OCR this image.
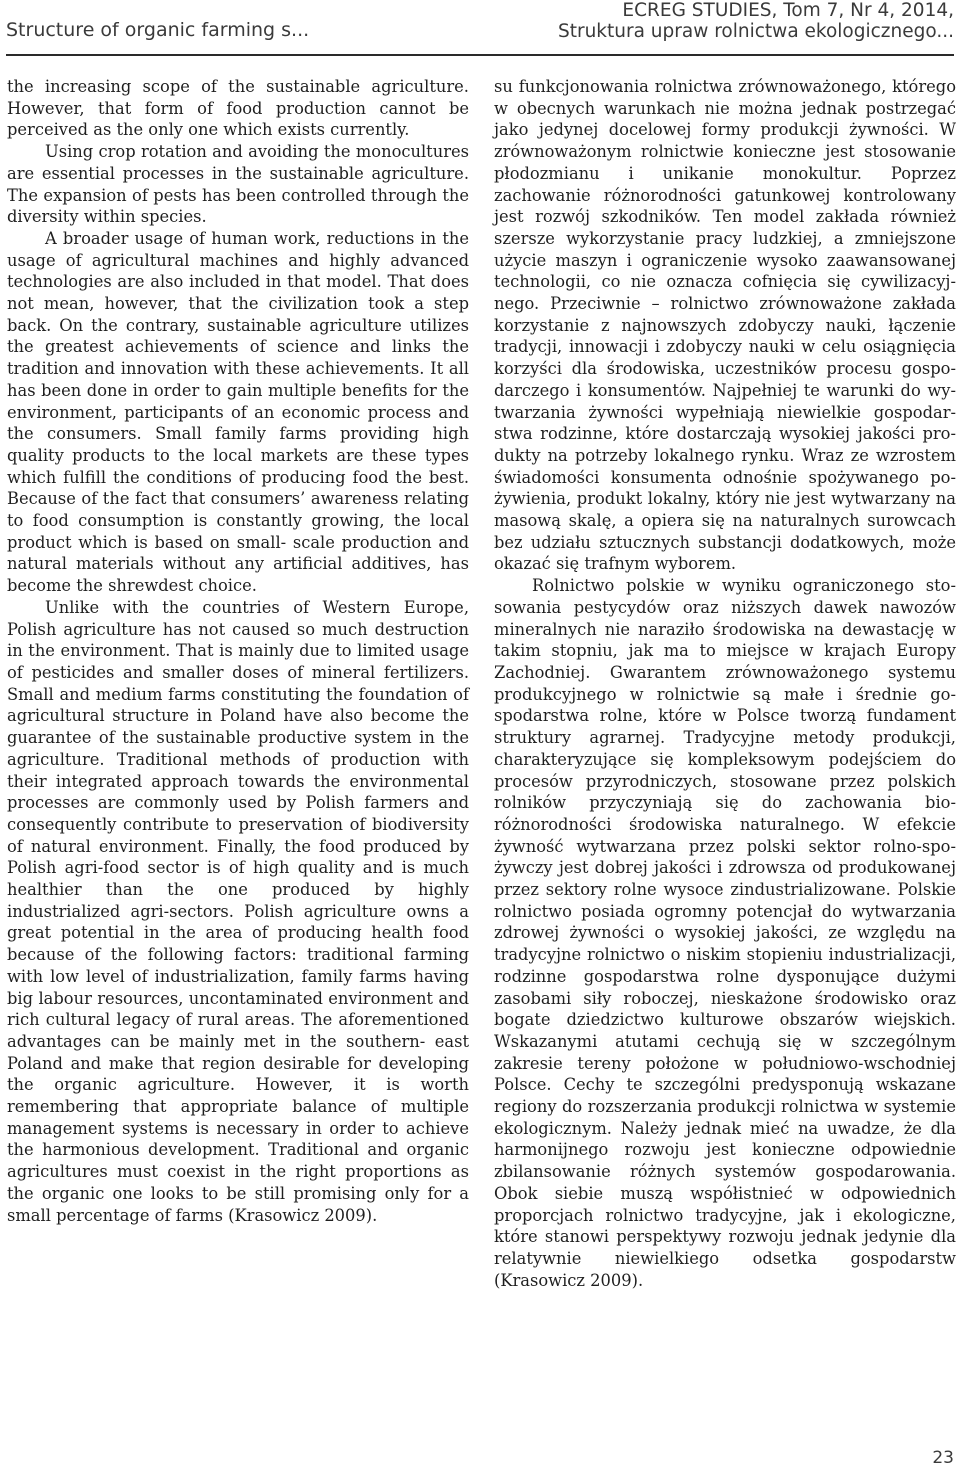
Structure of organic farming s...
ECREG STUDIES, Tom 7, Nr 4, 2014,
Struktura upraw rolnictwa ekologicznego...

the increasing scope of the sustainable agriculture. However, that form of food production cannot be perceived as the only one which exists currently.

Using crop rotation and avoiding the monocultures are essential processes in the sustainable agriculture. The expansion of pests has been controlled through the diversity within species.

A broader usage of human work, reductions in the usage of agricultural machines and highly advanced technologies are also included in that model. That does not mean, however, that the civilization took a step back. On the contrary, sustainable agriculture utilizes the greatest achievements of science and links the tradition and innovation with these achievements. It all has been done in order to gain multiple benefits for the environment, participants of an economic process and the consumers. Small family farms providing high quality products to the local markets are these types which fulfill the conditions of producing food the best. Because of the fact that consumers’ awareness relating to food consumption is constantly growing, the local product which is based on small- scale production and natural materials without any artificial additives, has become the shrewdest choice.

Unlike with the countries of Western Europe, Polish agriculture has not caused so much destruction in the environment. That is mainly due to limited usage of pesticides and smaller doses of mineral fertilizers. Small and medium farms constituting the foundation of agricultural structure in Poland have also become the guarantee of the sustainable productive system in the agriculture. Traditional methods of production with their integrated approach towards the environmental processes are commonly used by Polish farmers and consequently contribute to preservation of biodiversity of natural environment. Finally, the food produced by Polish agri-food sector is of high quality and is much healthier than the one produced by highly industrialized agri-sectors. Polish agriculture owns a great potential in the area of producing health food because of the following factors: traditional farming with low level of industrialization, family farms having big labour resources, uncontaminated environment and rich cultural legacy of rural areas. The aforementioned advantages can be mainly met in the southern- east Poland and make that region desirable for developing the organic agriculture. However, it is worth remembering that appropriate balance of multiple management systems is necessary in order to achieve the harmonious development. Traditional and organic agricultures must coexist in the right proportions as the organic one looks to be still promising only for a small percentage of farms (Krasowicz 2009).

su funkcjonowania rolnictwa zrównoważonego, którego w obecnych warunkach nie można jednak postrzegać jako jedynej docelowej formy produkcji żywności. W zrównoważonym rolnictwie konieczne jest stosowanie płodozmianu i unikanie monokultur. Poprzez zachowanie różnorodności gatunkowej kontrolowany jest rozwój szkodników. Ten model zakłada również szersze wykorzystanie pracy ludzkiej, a zmniejszone użycie maszyn i ograniczenie wysoko zaawansowanej technologii, co nie oznacza cofnięcia się cywilizacyjnego. Przeciwnie – rolnictwo zrównoważone zakłada korzystanie z najnowszych zdobyczy nauki, łączenie tradycji, innowacji i zdobyczy nauki w celu osiągnięcia korzyści dla środowiska, uczestników procesu gospodarczego i konsumentów. Najpełniej te warunki do wytwarzania żywności wypełniają niewielkie gospodarstwa rodzinne, które dostarczają wysokiej jakości produkty na potrzeby lokalnego rynku. Wraz ze wzrostem świadomości konsumenta odnośnie spożywanego pożywienia, produkt lokalny, który nie jest wytwarzany na masową skalę, a opiera się na naturalnych surowcach bez udziału sztucznych substancji dodatkowych, może okazać się trafnym wyborem.

Rolnictwo polskie w wyniku ograniczonego stosowania pestycydów oraz niższych dawek nawozów mineralnych nie naraziło środowiska na dewastację w takim stopniu, jak ma to miejsce w krajach Europy Zachodniej. Gwarantem zrównoważonego systemu produkcyjnego w rolnictwie są małe i średnie gospodarstwa rolne, które w Polsce tworzą fundament struktury agrarnej. Tradycyjne metody produkcji, charakteryzujące się kompleksowym podejściem do procesów przyrodniczych, stosowane przez polskich rolników przyczyniają się do zachowania bioróżnorodności środowiska naturalnego. W efekcie żywność wytwarzana przez polski sektor rolno-spożywczy jest dobrej jakości i zdrowsza od produkowanej przez sektory rolne wysoce zindustrializowane. Polskie rolnictwo posiada ogromny potencjał do wytwarzania zdrowej żywności o wysokiej jakości, ze względu na tradycyjne rolnictwo o niskim stopieniu industrializacji, rodzinne gospodarstwa rolne dysponujące dużymi zasobami siły roboczej, nieskażone środowisko oraz bogate dziedzictwo kulturowe obszarów wiejskich. Wskazanymi atutami cechują się w szczególnym zakresie tereny położone w południowo-wschodniej Polsce. Cechy te szczególni predysponują wskazane regiony do rozszerzania produkcji rolnictwa w systemie ekologicznym. Należy jednak mieć na uwadze, że dla harmonijnego rozwoju jest konieczne odpowiednie zbilansowanie różnych systemów gospodarowania. Obok siebie muszą współistnieć w odpowiednich proporcjach rolnictwo tradycyjne, jak i ekologiczne, które stanowi perspektywy rozwoju jednak jedynie dla relatywnie niewielkiego odsetka gospodarstw (Krasowicz 2009).

23
